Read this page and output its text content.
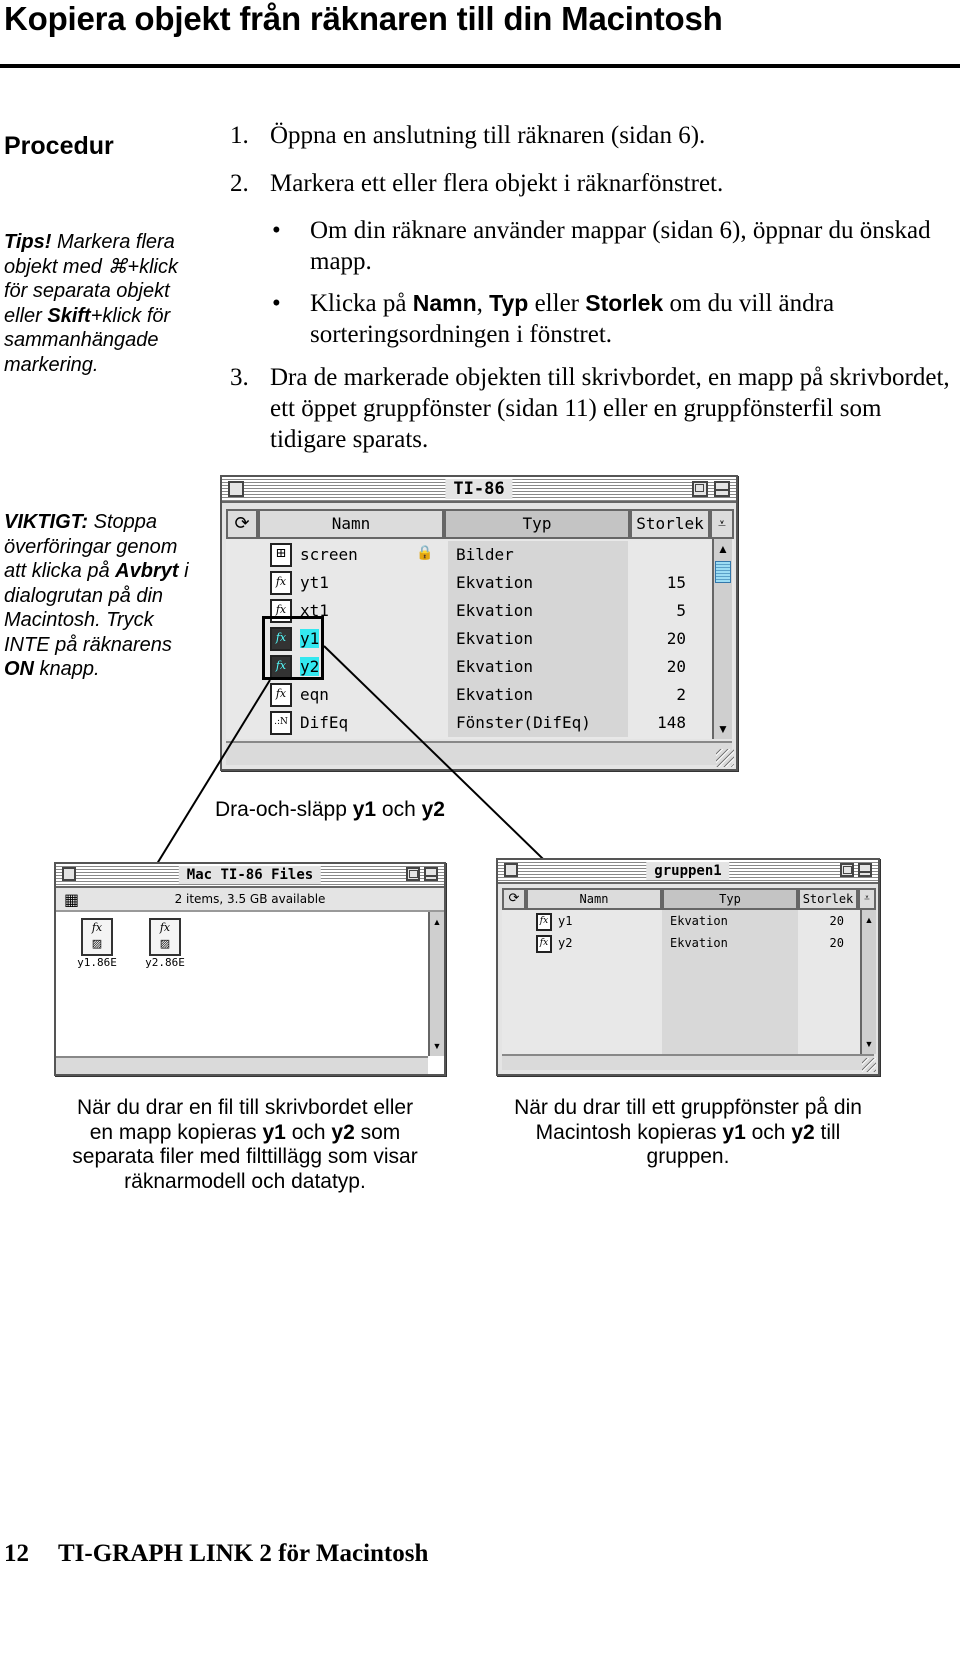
Kopiera objekt från räknaren till din Macintosh
Procedur
Tips! Markera flera objekt med ⌘+klick för separata objekt eller Skift+klick för sammanhängade markering.
VIKTIGT: Stoppa överföringar genom att klicka på Avbryt i dialogrutan på din Macintosh. Tryck INTE på räknarens ON knapp.
1. Öppna en anslutning till räknaren (sidan 6).
2. Markera ett eller flera objekt i räknarfönstret.
• Om din räknare använder mappar (sidan 6), öppnar du önskad mapp.
• Klicka på Namn, Typ eller Storlek om du vill ändra sorteringsordningen i fönstret.
3. Dra de markerade objekten till skrivbordet, en mapp på skrivbordet, ett öppet gruppfönster (sidan 11) eller en gruppfönsterfil som tidigare sparats.
TI-86
⟳	Namn	Typ	Storlek	⩡
⊞ screen	🔒	Bilder
fx yt1	Ekvation	15
fx xt1	Ekvation	5
fx y1	Ekvation	20
fx y2	Ekvation	20
fx eqn	Ekvation	2
.:N DifEq	Fönster(DifEq)	148
▲
▼
Dra-och-släpp y1 och y2
Mac TI-86 Files
▦	2 items, 3.5 GB available
fx
▨
y1.86E
fx
▨
y2.86E
▲
▼
gruppen1
⟳	Namn	Typ	Storlek	⩡
fx y1	Ekvation	20
fx y2	Ekvation	20
▲
▼
När du drar en fil till skrivbordet eller en mapp kopieras y1 och y2 som separata filer med filttillägg som visar räknarmodell och datatyp.
När du drar till ett gruppfönster på din Macintosh kopieras y1 och y2 till gruppen.
12 TI-GRAPH LINK 2 för Macintosh
